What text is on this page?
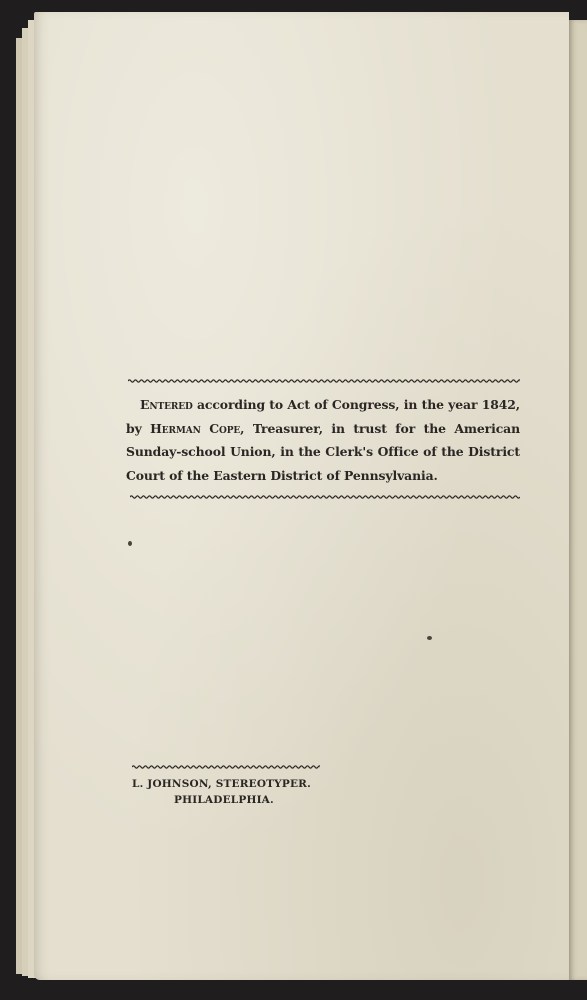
Entered according to Act of Congress, in the year 1842, by Herman Cope, Treasurer, in trust for the American Sunday-school Union, in the Clerk's Office of the District Court of the Eastern District of Pennsylvania.

L. JOHNSON, STEREOTYPER.
PHILADELPHIA.
